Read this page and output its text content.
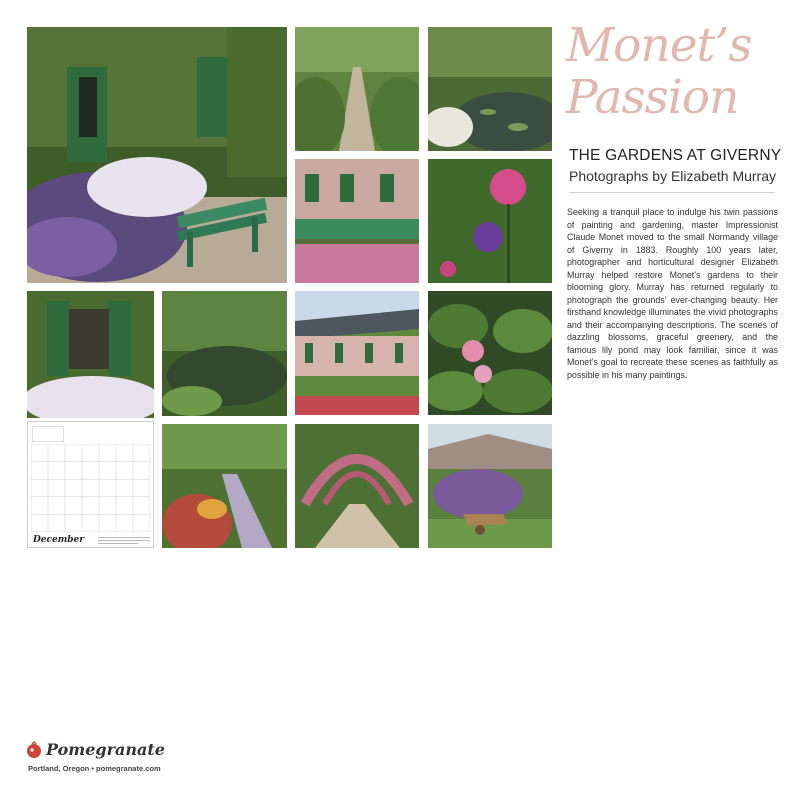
December
Monet’s
Passion
THE GARDENS AT GIVERNY
Photographs by Elizabeth Murray

Seeking a tranquil place to indulge his twin passions of painting and gardening, master Impressionist Claude Monet moved to the small Normandy village of Giverny in 1883. Roughly 100 years later, photographer and horticultural designer Elizabeth Murray helped restore Monet’s gardens to their blooming glory. Murray has returned regularly to photograph the grounds’ ever-changing beauty. Her firsthand knowledge illuminates the vivid photographs and their accompanying descriptions. The scenes of dazzling blossoms, graceful greenery, and the famous lily pond may look familiar, since it was Monet’s goal to recreate these scenes as faithfully as possible in his many paintings.

Pomegranate
Portland, Oregon • pomegranate.com
